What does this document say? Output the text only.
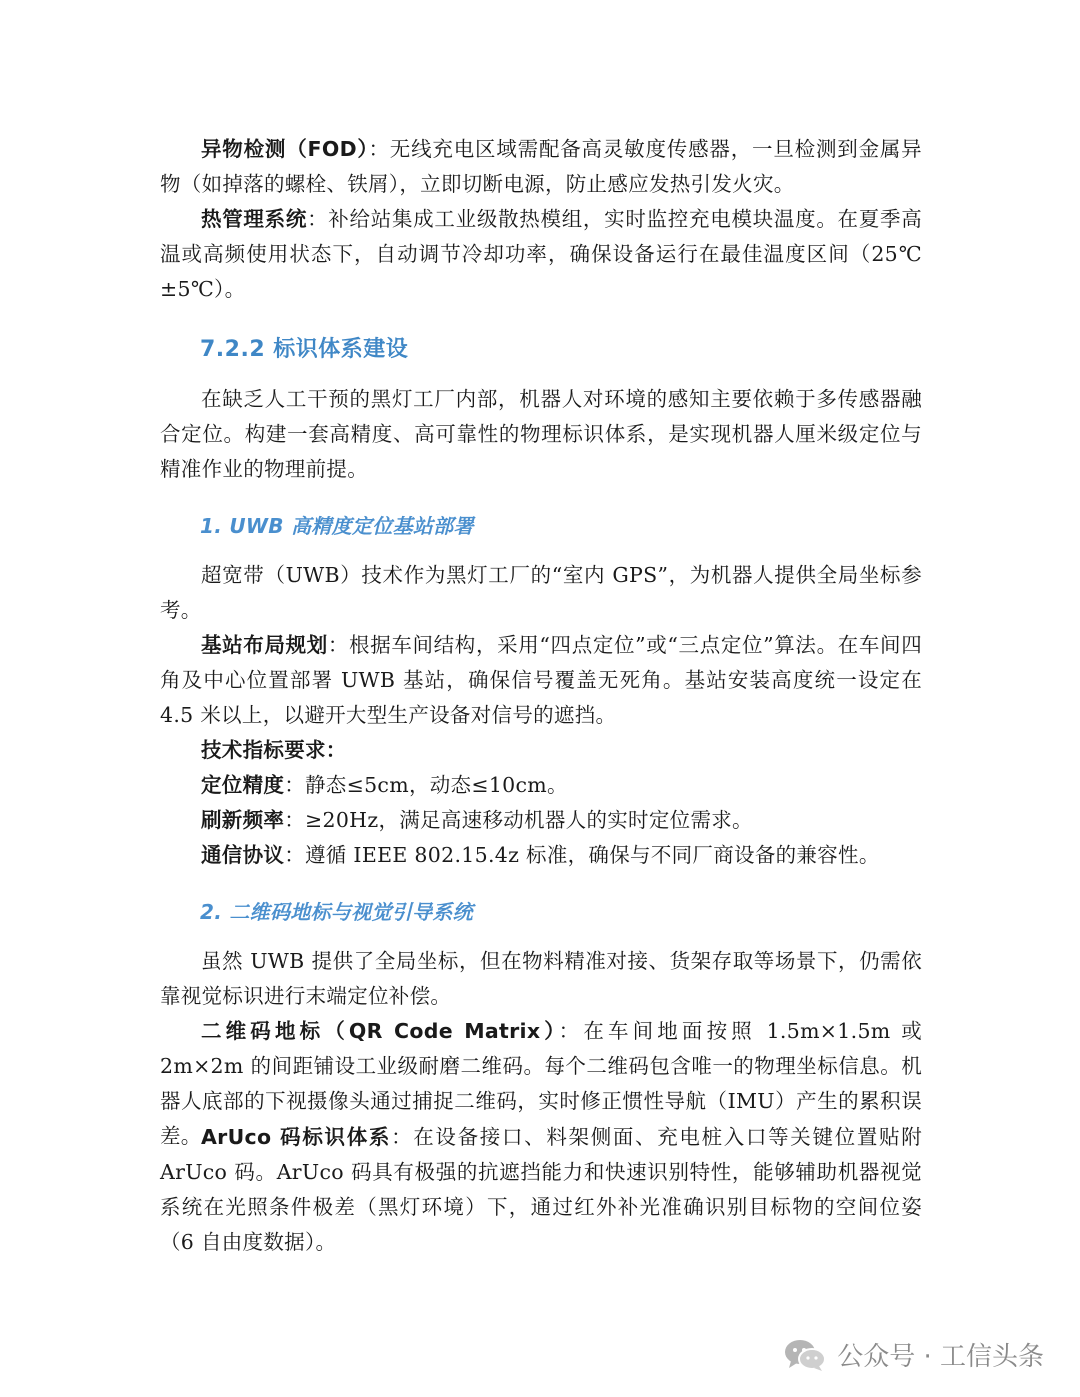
异物检测（FOD）：无线充电区域需配备高灵敏度传感器，一旦检测到金属异物（如掉落的螺栓、铁屑），立即切断电源，防止感应发热引发火灾。

热管理系统：补给站集成工业级散热模组，实时监控充电模块温度。在夏季高温或高频使用状态下，自动调节冷却功率，确保设备运行在最佳温度区间（25℃±5℃）。

7.2.2 标识体系建设

在缺乏人工干预的黑灯工厂内部，机器人对环境的感知主要依赖于多传感器融合定位。构建一套高精度、高可靠性的物理标识体系，是实现机器人厘米级定位与精准作业的物理前提。

1. UWB 高精度定位基站部署

超宽带（UWB）技术作为黑灯工厂的“室内 GPS”，为机器人提供全局坐标参考。

基站布局规划：根据车间结构，采用“四点定位”或“三点定位”算法。在车间四角及中心位置部署 UWB 基站，确保信号覆盖无死角。基站安装高度统一设定在 4.5 米以上，以避开大型生产设备对信号的遮挡。

技术指标要求：

定位精度：静态≤5cm，动态≤10cm。

刷新频率：≥20Hz，满足高速移动机器人的实时定位需求。

通信协议：遵循 IEEE 802.15.4z 标准，确保与不同厂商设备的兼容性。

2. 二维码地标与视觉引导系统

虽然 UWB 提供了全局坐标，但在物料精准对接、货架存取等场景下，仍需依靠视觉标识进行末端定位补偿。

二维码地标（QR Code Matrix）：在车间地面按照 1.5m×1.5m 或 2m×2m 的间距铺设工业级耐磨二维码。每个二维码包含唯一的物理坐标信息。机器人底部的下视摄像头通过捕捉二维码，实时修正惯性导航（IMU）产生的累积误差。 ArUco 码标识体系：在设备接口、料架侧面、充电桩入口等关键位置贴附 ArUco 码。ArUco 码具有极强的抗遮挡能力和快速识别特性，能够辅助机器视觉系统在光照条件极差（黑灯环境）下，通过红外补光准确识别目标物的空间位姿（6 自由度数据）。

公众号 · 工信头条
